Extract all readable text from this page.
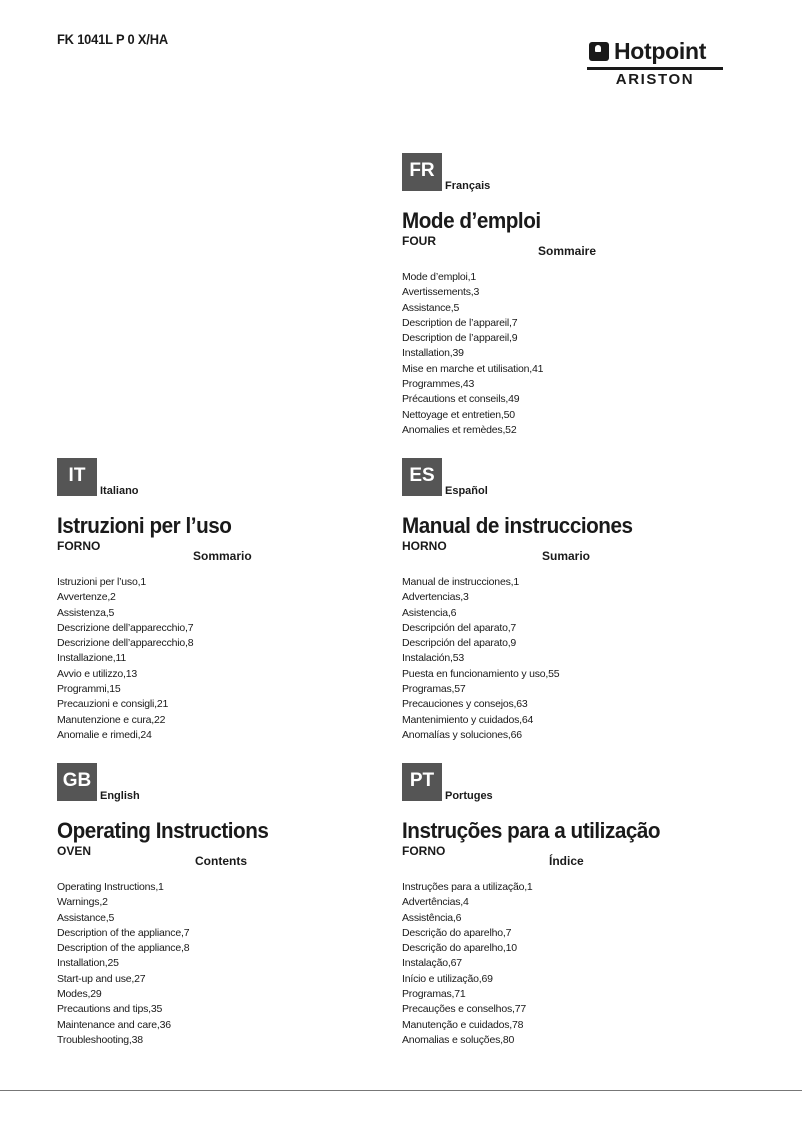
FK 1041L P 0 X/HA	Hotpoint
ARISTON
FR
Français
Mode d’emploi
FOUR
Sommaire
Mode d’emploi,1
Avertissements,3
Assistance,5
Description de l’appareil,7
Description de l’appareil,9
Installation,39
Mise en marche et utilisation,41
Programmes,43
Précautions et conseils,49
Nettoyage et entretien,50
Anomalies et remèdes,52
IT
Italiano
Istruzioni per l’uso
FORNO
Sommario
Istruzioni per l’uso,1
Avvertenze,2
Assistenza,5
Descrizione dell’apparecchio,7
Descrizione dell’apparecchio,8
Installazione,11
Avvio e utilizzo,13
Programmi,15
Precauzioni e consigli,21
Manutenzione e cura,22
Anomalie e rimedi,24
ES
Español
Manual de instrucciones
HORNO
Sumario
Manual de instrucciones,1
Advertencias,3
Asistencia,6
Descripción del aparato,7
Descripción del aparato,9
Instalación,53
Puesta en funcionamiento y uso,55
Programas,57
Precauciones y consejos,63
Mantenimiento y cuidados,64
Anomalías y soluciones,66
GB
English
Operating Instructions
OVEN
Contents
Operating Instructions,1
Warnings,2
Assistance,5
Description of the appliance,7
Description of the appliance,8
Installation,25
Start-up and use,27
Modes,29
Precautions and tips,35
Maintenance and care,36
Troubleshooting,38
PT
Portuges
Instruções para a utilização
FORNO
Índice
Instruções para a utilização,1
Advertências,4
Assistência,6
Descrição do aparelho,7
Descrição do aparelho,10
Instalação,67
Início e utilização,69
Programas,71
Precauções e conselhos,77
Manutenção e cuidados,78
Anomalias e soluções,80
